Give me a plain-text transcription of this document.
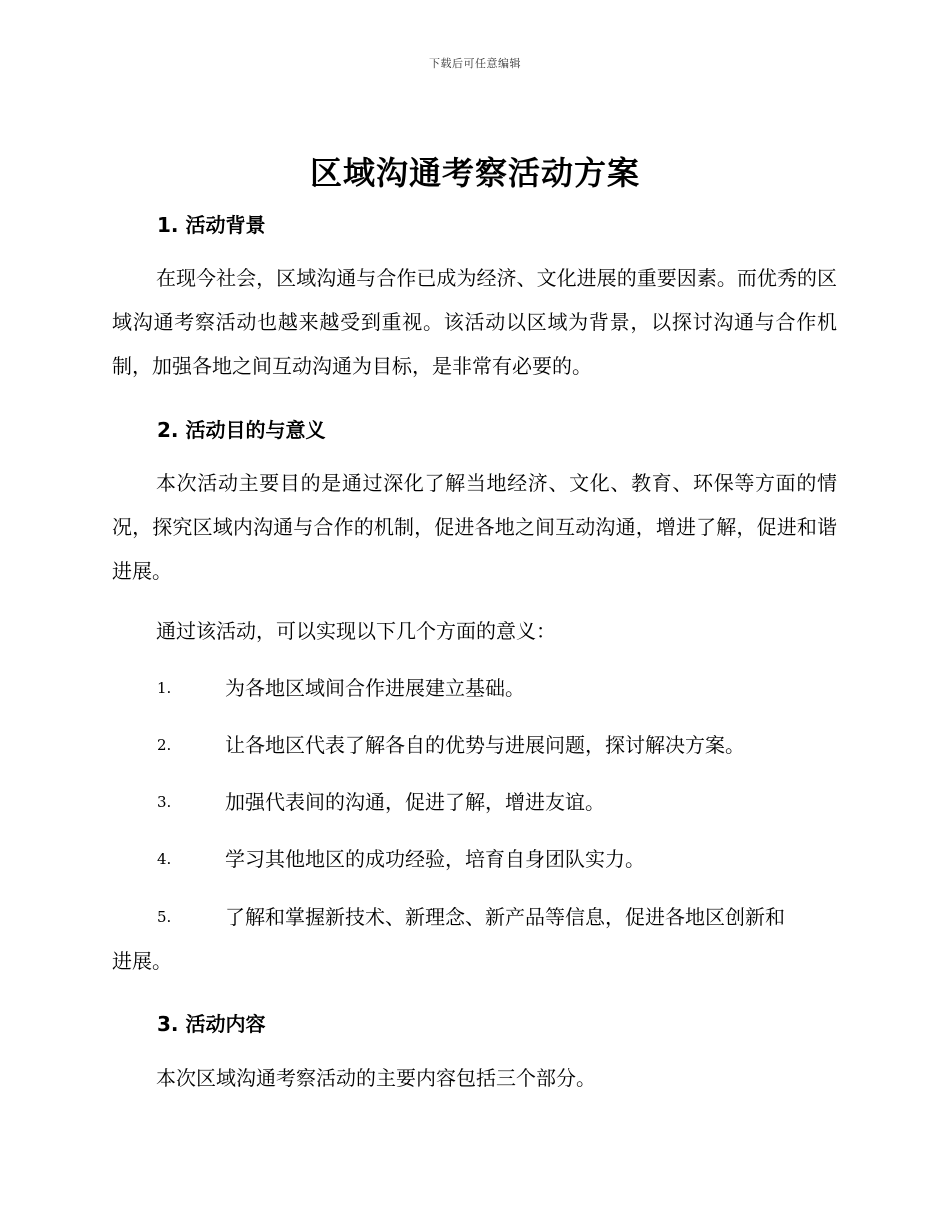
下载后可任意编辑
区域沟通考察活动方案
1. 活动背景
在现今社会，区域沟通与合作已成为经济、文化进展的重要因素。而优秀的区域沟通考察活动也越来越受到重视。该活动以区域为背景，以探讨沟通与合作机制，加强各地之间互动沟通为目标，是非常有必要的。
2. 活动目的与意义
本次活动主要目的是通过深化了解当地经济、文化、教育、环保等方面的情况，探究区域内沟通与合作的机制，促进各地之间互动沟通，增进了解，促进和谐进展。
通过该活动，可以实现以下几个方面的意义：
1.	为各地区域间合作进展建立基础。
2.	让各地区代表了解各自的优势与进展问题，探讨解决方案。
3.	加强代表间的沟通，促进了解，增进友谊。
4.	学习其他地区的成功经验，培育自身团队实力。
5.	了解和掌握新技术、新理念、新产品等信息，促进各地区创新和
进展。
3. 活动内容
本次区域沟通考察活动的主要内容包括三个部分。
